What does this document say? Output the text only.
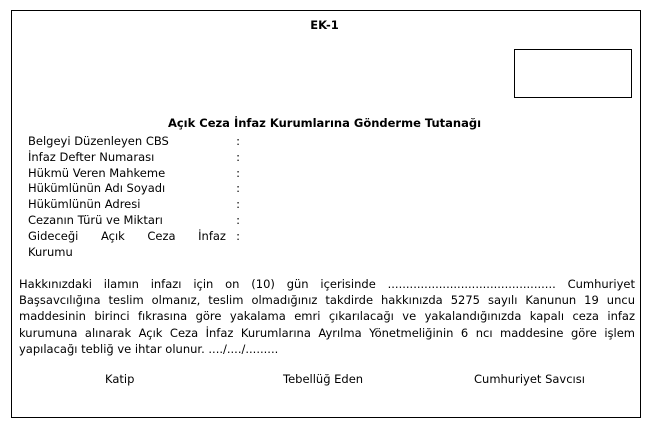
EK-1
Açık Ceza İnfaz Kurumlarına Gönderme Tutanağı
Belgeyi Düzenleyen CBS	:
İnfaz Defter Numarası	:
Hükmü Veren Mahkeme	:
Hükümlünün Adı Soyadı	:
Hükümlünün Adresi	:
Cezanın Türü ve Miktarı	:
Gideceği Açık Ceza İnfaz :
Kurumu
Hakkınızdaki ilamın infazı için on (10) gün içerisinde .............................................. Cumhuriyet Başsavcılığına teslim olmanız, teslim olmadığınız takdirde hakkınızda 5275 sayılı Kanunun 19 uncu maddesinin birinci fıkrasına göre yakalama emri çıkarılacağı ve yakalandığınızda kapalı ceza infaz kurumuna alınarak Açık Ceza İnfaz Kurumlarına Ayrılma Yönetmeliğinin 6 ncı maddesine göre işlem yapılacağı tebliğ ve ihtar olunur. ..../..../.........
Katip	Tebellüğ Eden	Cumhuriyet Savcısı
